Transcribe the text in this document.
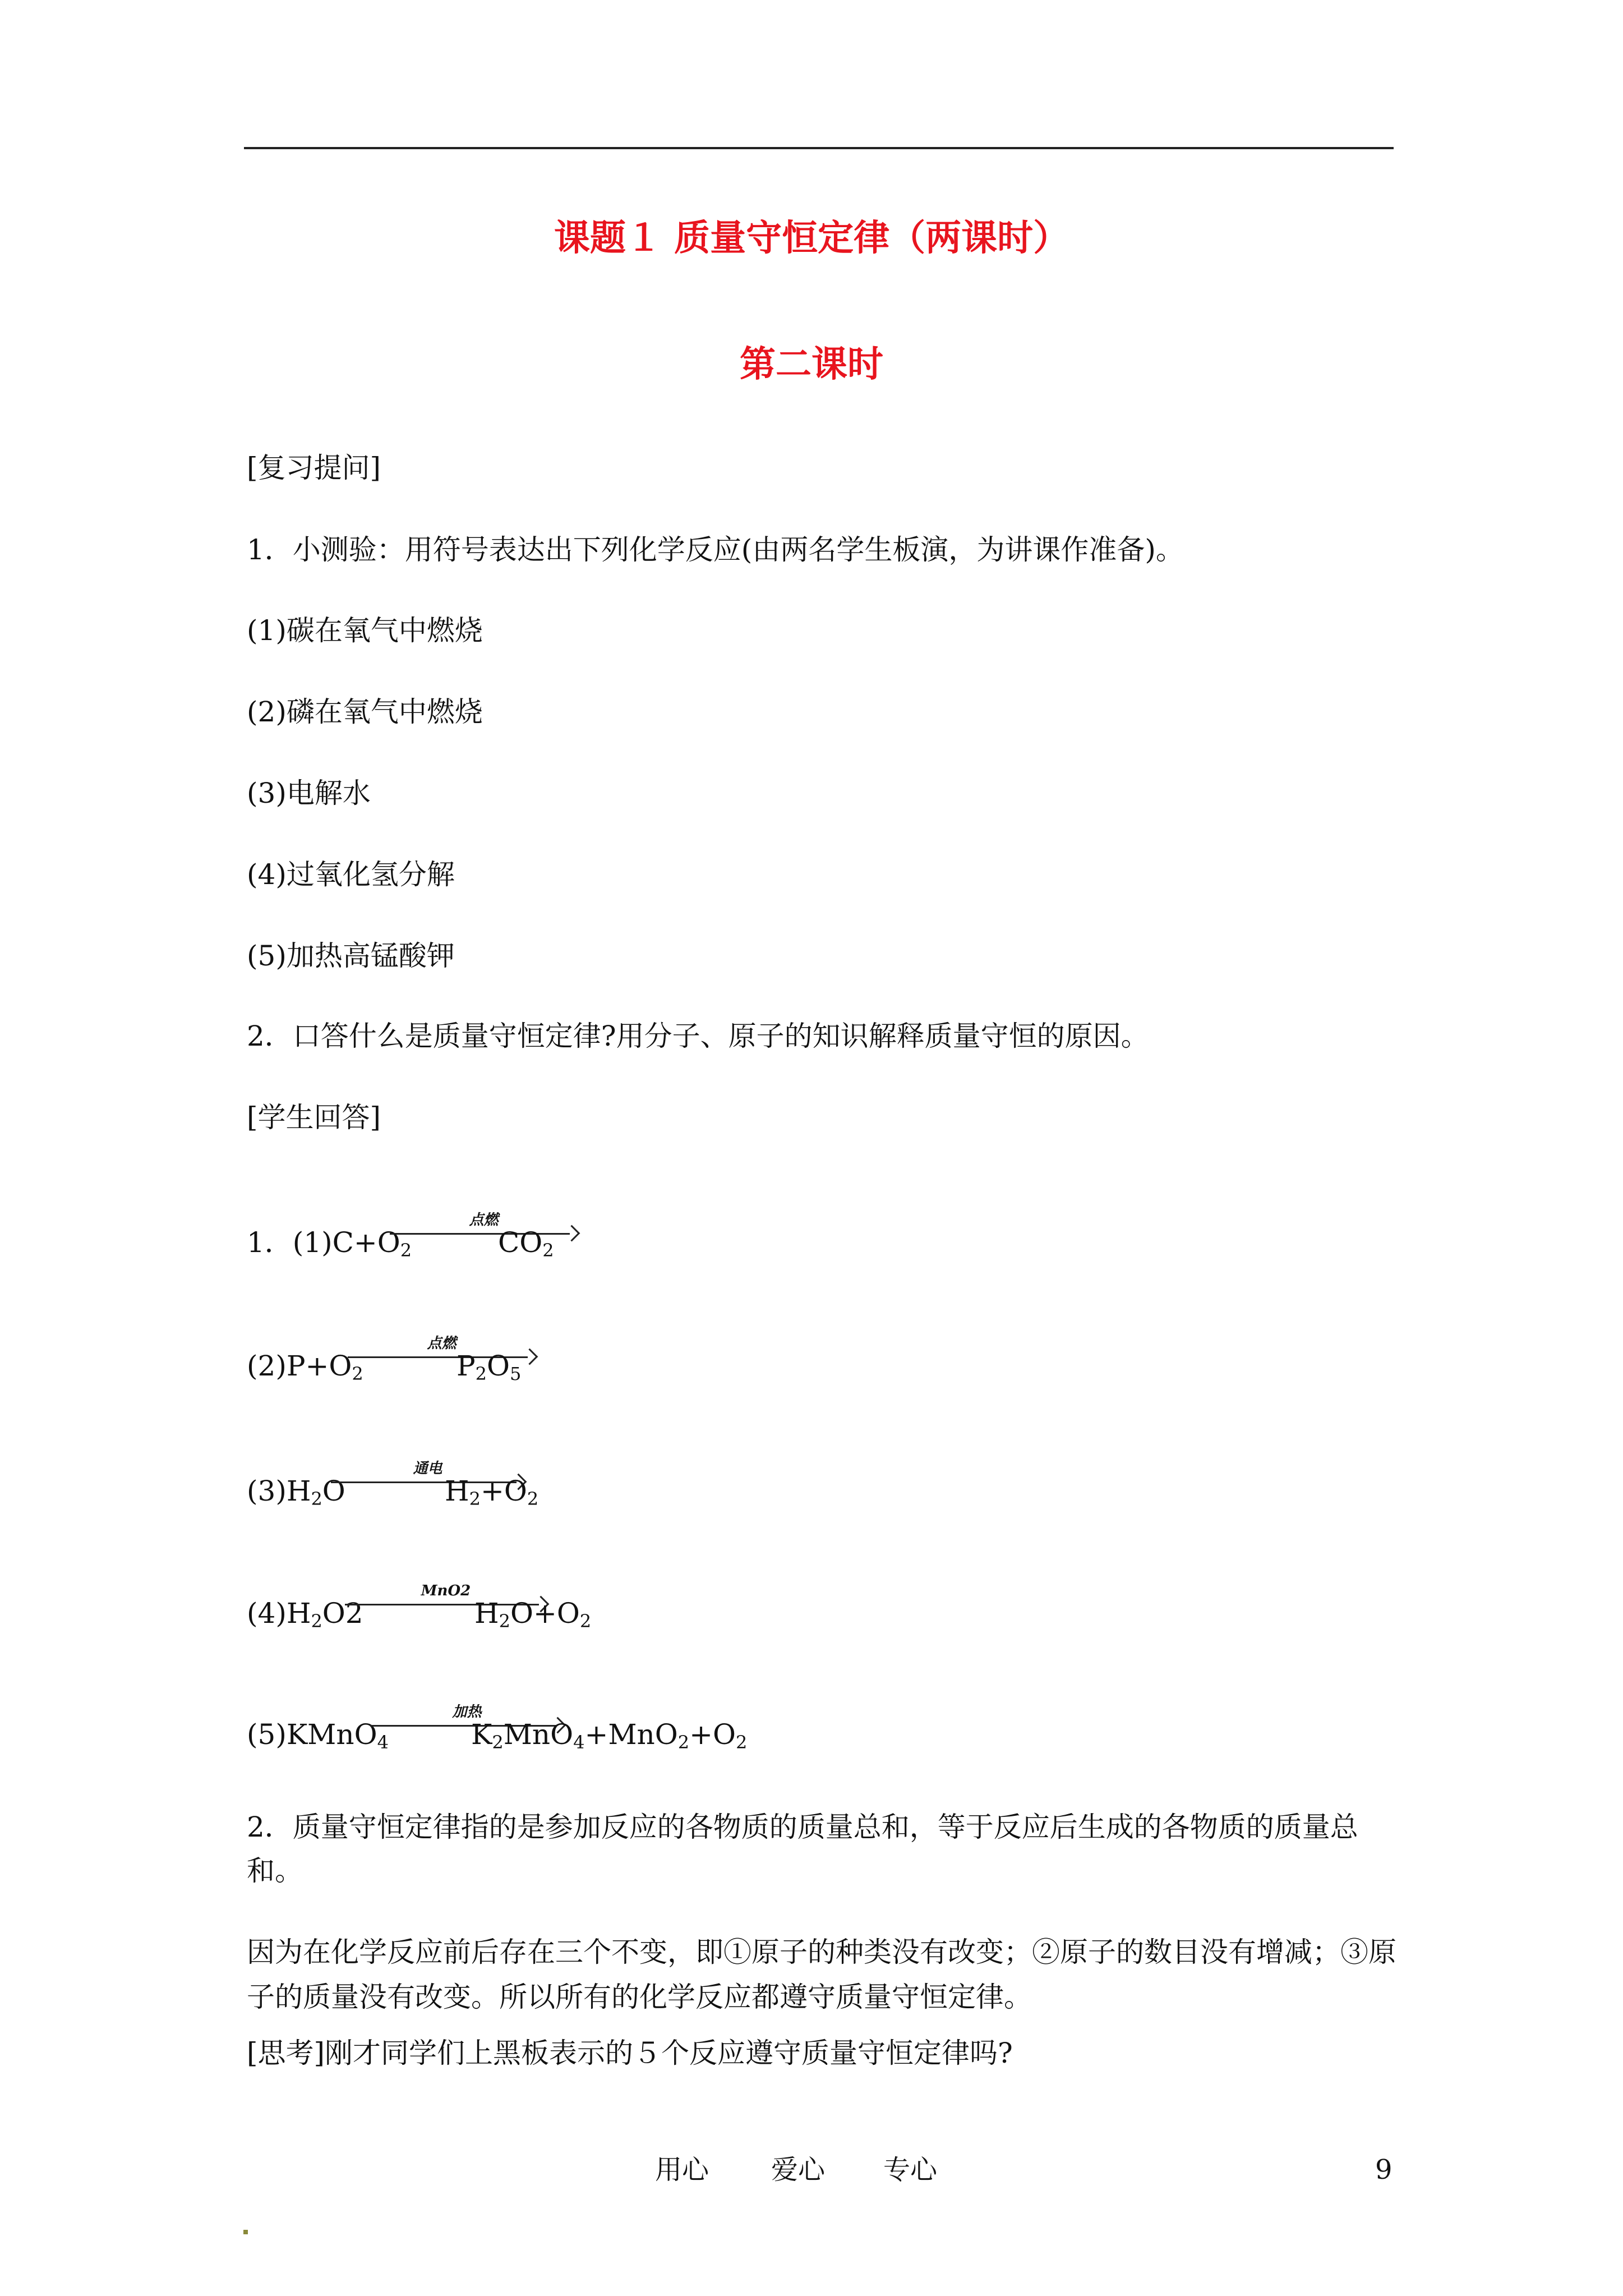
课题１ 质量守恒定律（两课时）
第二课时
[复习提问]
1．小测验：用符号表达出下列化学反应(由两名学生板演，为讲课作准备)。
(1)碳在氧气中燃烧
(2)磷在氧气中燃烧
(3)电解水
(4)过氧化氢分解
(5)加热高锰酸钾
2．口答什么是质量守恒定律?用分子、原子的知识解释质量守恒的原因。
[学生回答]
1．$(1)C+O_2$
点燃
$CO_2$
$(2)P+O_2$
点燃
$P_2O_5$
$(3)H_2O$
通电
$H_2+O_2$
$(4)H_2O2$
MnO2
$H_2O+O_2$
(5)KMnO$_4$
加热
$K_2MnO_4+MnO_2+O_2$
2．质量守恒定律指的是参加反应的各物质的质量总和，等于反应后生成的各物质的质量总
和。
因为在化学反应前后存在三个不变，即①原子的种类没有改变；②原子的数目没有增减；③原子的质量没有改变。所以所有的化学反应都遵守质量守恒定律。
[思考]刚才同学们上黑板表示的５个反应遵守质量守恒定律吗?
用心 爱心 专心	9
